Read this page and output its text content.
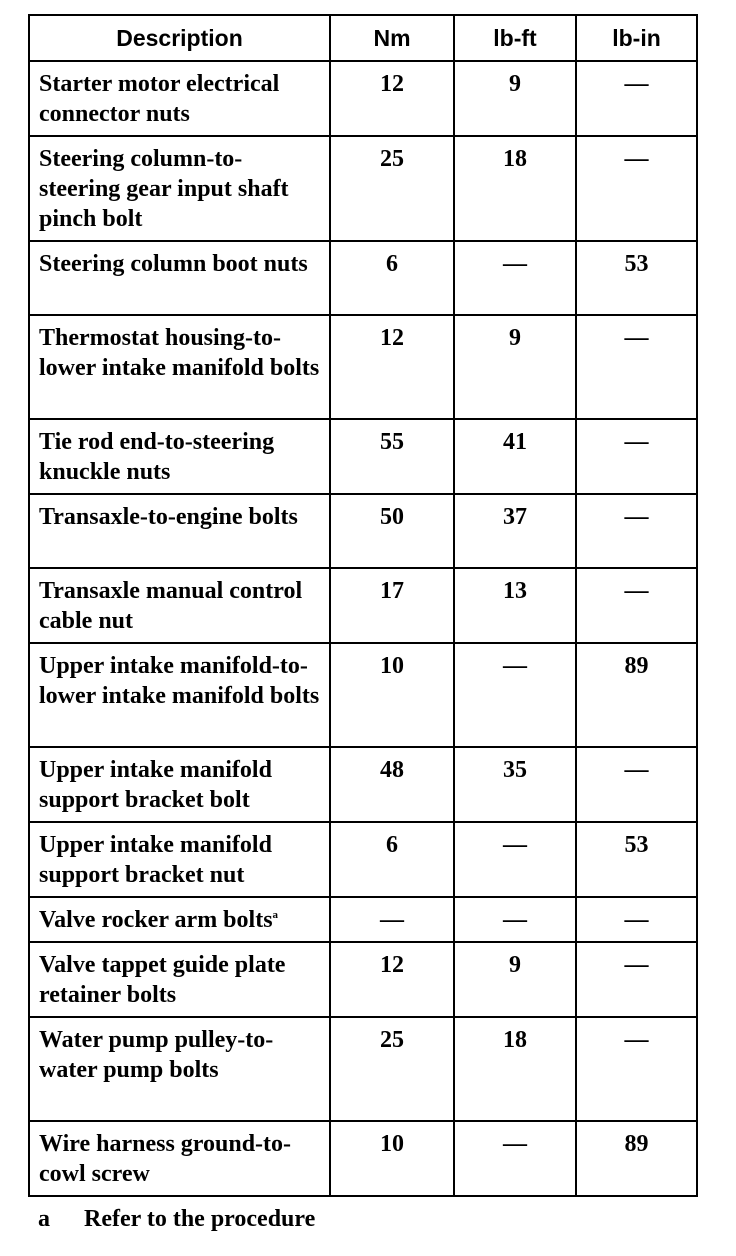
Description	Nm	lb-ft	lb-in
Starter motor electrical connector nuts	12	9	—
Steering column-to-steering gear input shaft pinch bolt	25	18	—
Steering column boot nuts	6	—	53
Thermostat housing-to-lower intake manifold bolts	12	9	—
Tie rod end-to-steering knuckle nuts	55	41	—
Transaxle-to-engine bolts	50	37	—
Transaxle manual control cable nut	17	13	—
Upper intake manifold-to-lower intake manifold bolts	10	—	89
Upper intake manifold support bracket bolt	48	35	—
Upper intake manifold support bracket nut	6	—	53
Valve rocker arm bolts$^a$	—	—	—
Valve tappet guide plate retainer bolts	12	9	—
Water pump pulley-to-water pump bolts	25	18	—
Wire harness ground-to-cowl screw	10	—	89
a Refer to the procedure
